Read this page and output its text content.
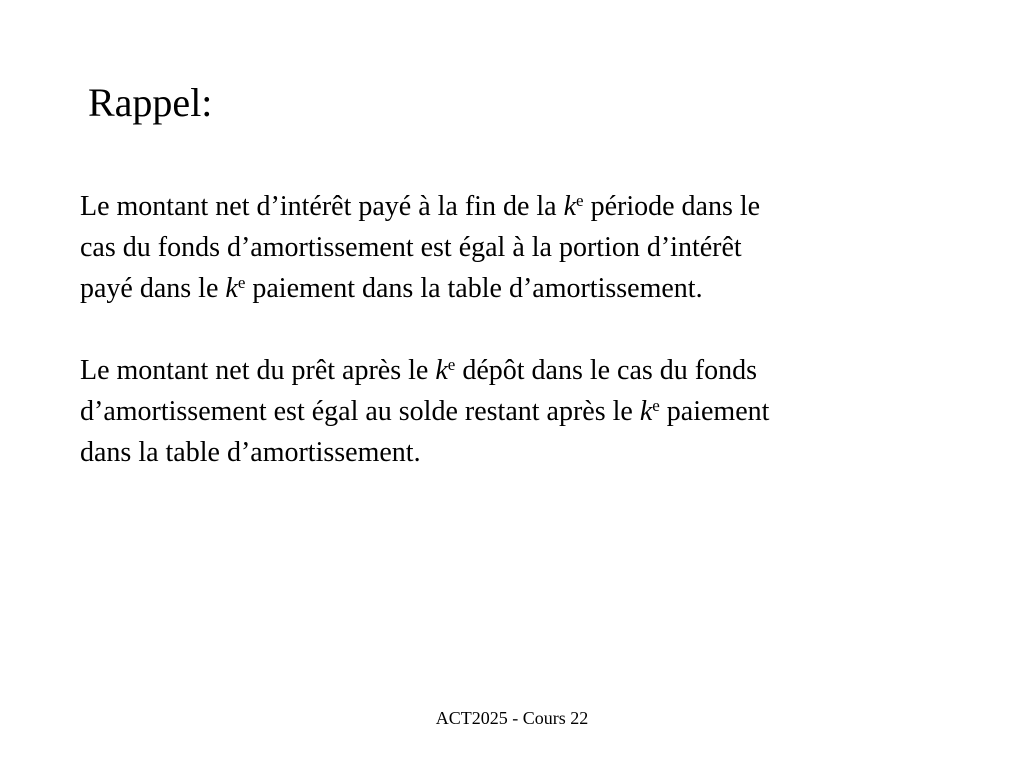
Rappel:

Le montant net d’intérêt payé à la fin de la $k^e$ période dans le
cas du fonds d’amortissement est égal à la portion d’intérêt
payé dans le $k^e$ paiement dans la table d’amortissement.

Le montant net du prêt après le $k^e$ dépôt dans le cas du fonds
d’amortissement est égal au solde restant après le $k^e$ paiement
dans la table d’amortissement.

ACT2025 - Cours 22
